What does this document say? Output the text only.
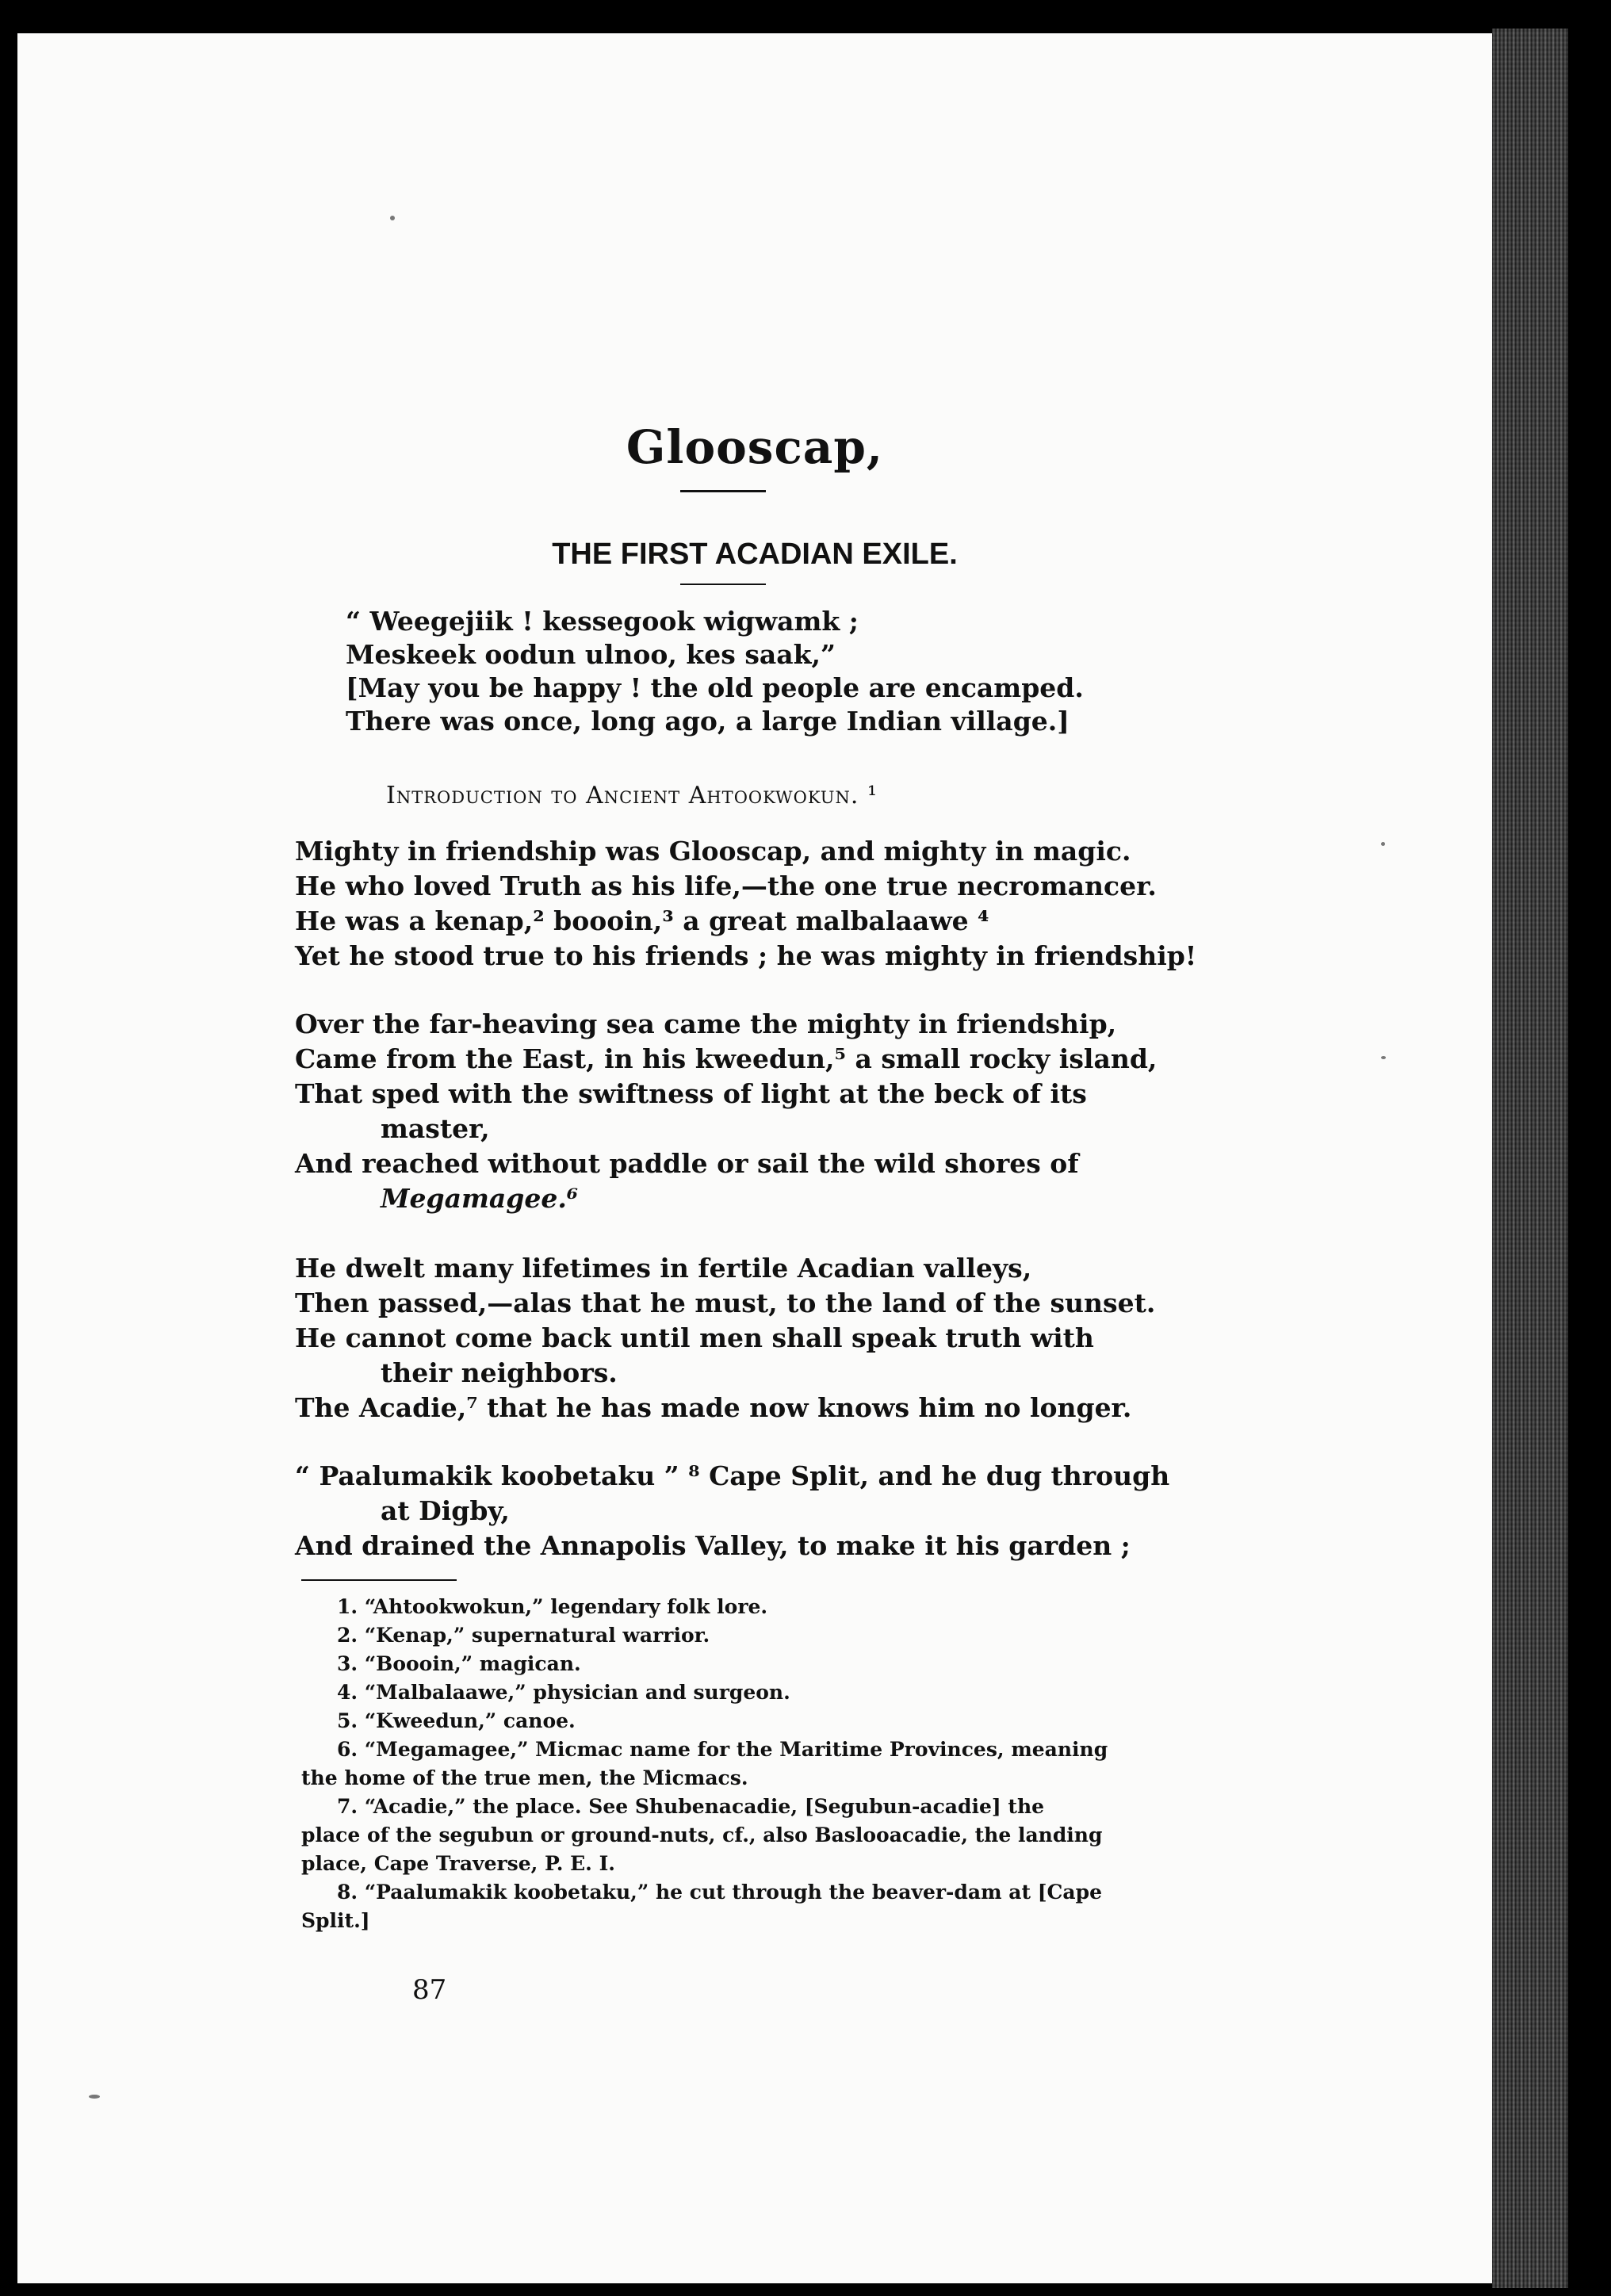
Glooscap,
THE FIRST ACADIAN EXILE.
“ Weegejiik ! kessegook wigwamk ;
Meskeek oodun ulnoo, kes saak,”
[May you be happy ! the old people are encamped.
There was once, long ago, a large Indian village.]

Introduction to Ancient Ahtookwokun. ¹

Mighty in friendship was Glooscap, and mighty in magic.
He who loved Truth as his life,—the one true necromancer.
He was a kenap,² boooin,³ a great malbalaawe ⁴
Yet he stood true to his friends ; he was mighty in friendship!
Over the far-heaving sea came the mighty in friendship,
Came from the East, in his kweedun,⁵ a small rocky island,
That sped with the swiftness of light at the beck of its
master,
And reached without paddle or sail the wild shores of
Megamagee.⁶
He dwelt many lifetimes in fertile Acadian valleys,
Then passed,—alas that he must, to the land of the sunset.
He cannot come back until men shall speak truth with
their neighbors.
The Acadie,⁷ that he has made now knows him no longer.
“ Paalumakik koobetaku ” ⁸ Cape Split, and he dug through
at Digby,
And drained the Annapolis Valley, to make it his garden ;
1. “Ahtookwokun,” legendary folk lore.
2. “Kenap,” supernatural warrior.
3. “Boooin,” magican.
4. “Malbalaawe,” physician and surgeon.
5. “Kweedun,” canoe.
6. “Megamagee,” Micmac name for the Maritime Provinces, meaning
the home of the true men, the Micmacs.
7. “Acadie,” the place. See Shubenacadie, [Segubun-acadie] the
place of the segubun or ground-nuts, cf., also Baslooacadie, the landing
place, Cape Traverse, P. E. I.
8. “Paalumakik koobetaku,” he cut through the beaver-dam at [Cape
Split.]

87
